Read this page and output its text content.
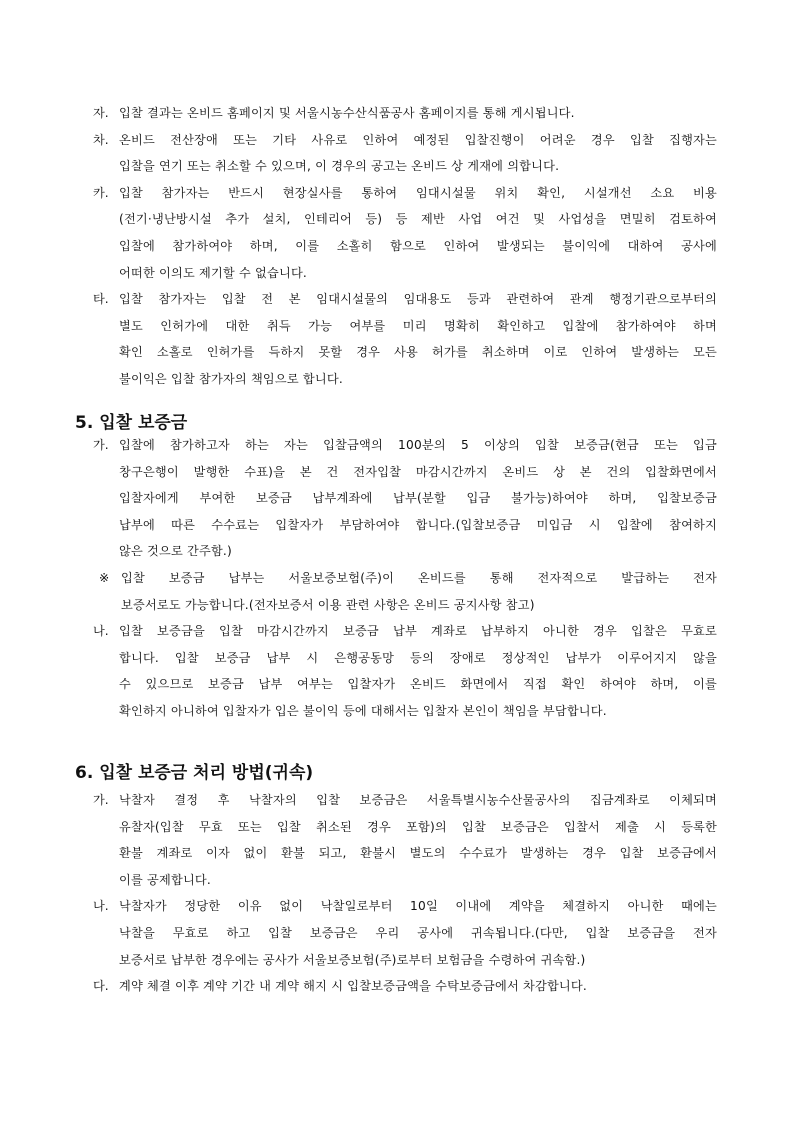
자. 입찰 결과는 온비드 홈페이지 및 서울시농수산식품공사 홈페이지를 통해 게시됩니다.
차. 온비드 전산장애 또는 기타 사유로 인하여 예정된 입찰진행이 어려운 경우 입찰 집행자는
입찰을 연기 또는 취소할 수 있으며, 이 경우의 공고는 온비드 상 게재에 의합니다.
카. 입찰 참가자는 반드시 현장실사를 통하여 임대시설물 위치 확인, 시설개선 소요 비용
(전기·냉난방시설 추가 설치, 인테리어 등) 등 제반 사업 여건 및 사업성을 면밀히 검토하여
입찰에 참가하여야 하며, 이를 소홀히 함으로 인하여 발생되는 불이익에 대하여 공사에
어떠한 이의도 제기할 수 없습니다.
타. 입찰 참가자는 입찰 전 본 임대시설물의 임대용도 등과 관련하여 관계 행정기관으로부터의
별도 인허가에 대한 취득 가능 여부를 미리 명확히 확인하고 입찰에 참가하여야 하며
확인 소홀로 인허가를 득하지 못할 경우 사용 허가를 취소하며 이로 인하여 발생하는 모든
불이익은 입찰 참가자의 책임으로 합니다.
5. 입찰 보증금
가. 입찰에 참가하고자 하는 자는 입찰금액의 100분의 5 이상의 입찰 보증금(현금 또는 입금
창구은행이 발행한 수표)을 본 건 전자입찰 마감시간까지 온비드 상 본 건의 입찰화면에서
입찰자에게 부여한 보증금 납부계좌에 납부(분할 입금 불가능)하여야 하며, 입찰보증금
납부에 따른 수수료는 입찰자가 부담하여야 합니다.(입찰보증금 미입금 시 입찰에 참여하지
않은 것으로 간주함.)
※ 입찰 보증금 납부는 서울보증보험(주)이 온비드를 통해 전자적으로 발급하는 전자
보증서로도 가능합니다.(전자보증서 이용 관련 사항은 온비드 공지사항 참고)
나. 입찰 보증금을 입찰 마감시간까지 보증금 납부 계좌로 납부하지 아니한 경우 입찰은 무효로
합니다. 입찰 보증금 납부 시 은행공동망 등의 장애로 정상적인 납부가 이루어지지 않을
수 있으므로 보증금 납부 여부는 입찰자가 온비드 화면에서 직접 확인 하여야 하며, 이를
확인하지 아니하여 입찰자가 입은 불이익 등에 대해서는 입찰자 본인이 책임을 부담합니다.
6. 입찰 보증금 처리 방법(귀속)
가. 낙찰자 결정 후 낙찰자의 입찰 보증금은 서울특별시농수산물공사의 집금계좌로 이체되며
유찰자(입찰 무효 또는 입찰 취소된 경우 포함)의 입찰 보증금은 입찰서 제출 시 등록한
환불 계좌로 이자 없이 환불 되고, 환불시 별도의 수수료가 발생하는 경우 입찰 보증금에서
이를 공제합니다.
나. 낙찰자가 정당한 이유 없이 낙찰일로부터 10일 이내에 계약을 체결하지 아니한 때에는
낙찰을 무효로 하고 입찰 보증금은 우리 공사에 귀속됩니다.(다만, 입찰 보증금을 전자
보증서로 납부한 경우에는 공사가 서울보증보험(주)로부터 보험금을 수령하여 귀속함.)
다. 계약 체결 이후 계약 기간 내 계약 해지 시 입찰보증금액을 수탁보증금에서 차감합니다.
